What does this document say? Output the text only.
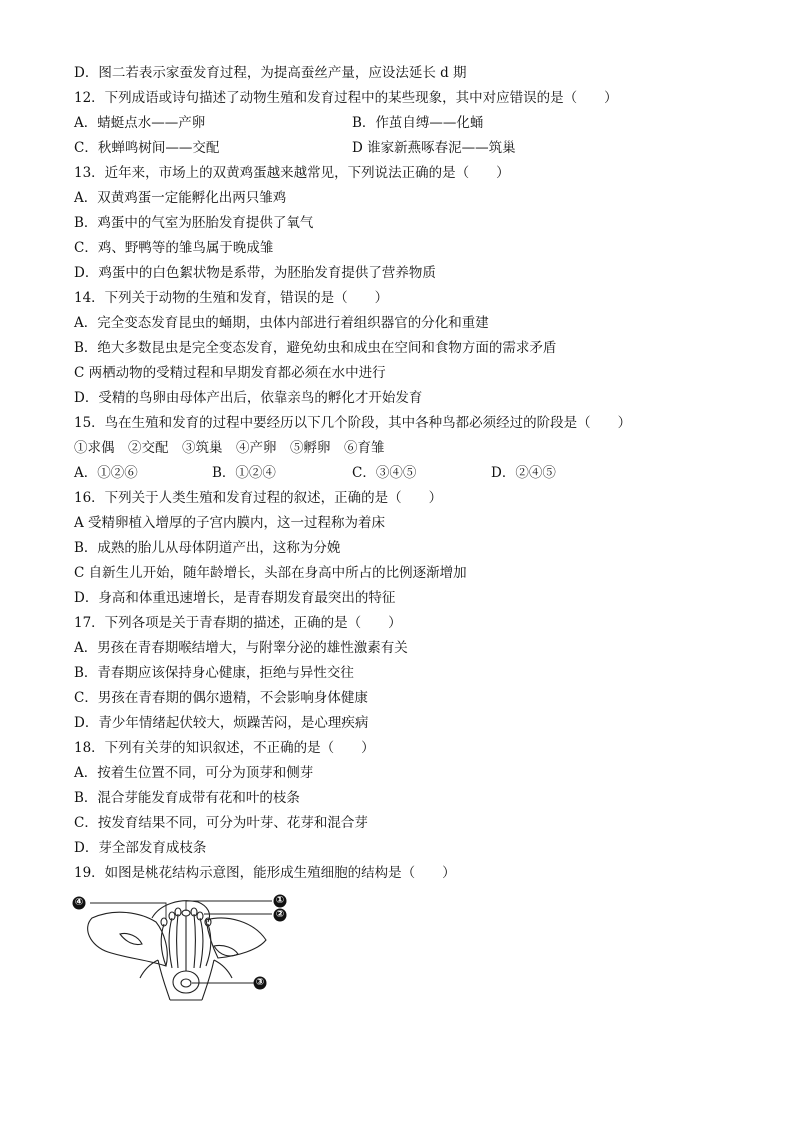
D．图二若表示家蚕发育过程，为提高蚕丝产量，应设法延长 d 期
12．下列成语或诗句描述了动物生殖和发育过程中的某些现象，其中对应错误的是（　　）
A．蜻蜓点水——产卵	B．作茧自缚——化蛹
C．秋蝉鸣树间——交配	D 谁家新燕啄春泥——筑巢
13．近年来，市场上的双黄鸡蛋越来越常见，下列说法正确的是（　　）
A．双黄鸡蛋一定能孵化出两只雏鸡
B．鸡蛋中的气室为胚胎发育提供了氧气
C．鸡、野鸭等的雏鸟属于晚成雏
D．鸡蛋中的白色絮状物是系带，为胚胎发育提供了营养物质
14．下列关于动物的生殖和发育，错误的是（　　）
A．完全变态发育昆虫的蛹期，虫体内部进行着组织器官的分化和重建
B．绝大多数昆虫是完全变态发育，避免幼虫和成虫在空间和食物方面的需求矛盾
C 两栖动物的受精过程和早期发育都必须在水中进行
D．受精的鸟卵由母体产出后，依靠亲鸟的孵化才开始发育
15．鸟在生殖和发育的过程中要经历以下几个阶段，其中各种鸟都必须经过的阶段是（　　）
①求偶　②交配　③筑巢　④产卵　⑤孵卵　⑥育雏
A．①②⑥	B．①②④	C．③④⑤	D．②④⑤
16．下列关于人类生殖和发育过程的叙述，正确的是（　　）
A 受精卵植入增厚的子宫内膜内，这一过程称为着床
B．成熟的胎儿从母体阴道产出，这称为分娩
C 自新生儿开始，随年龄增长，头部在身高中所占的比例逐渐增加
D．身高和体重迅速增长，是青春期发育最突出的特征
17．下列各项是关于青春期的描述，正确的是（　　）
A．男孩在青春期喉结增大，与附睾分泌的雄性激素有关
B．青春期应该保持身心健康，拒绝与异性交往
C．男孩在青春期的偶尔遗精，不会影响身体健康
D．青少年情绪起伏较大，烦躁苦闷，是心理疾病
18．下列有关芽的知识叙述，不正确的是（　　）
A．按着生位置不同，可分为顶芽和侧芽
B．混合芽能发育成带有花和叶的枝条
C．按发育结果不同，可分为叶芽、花芽和混合芽
D．芽全部发育成枝条
19．如图是桃花结构示意图，能形成生殖细胞的结构是（　　）
④	①
②
③
